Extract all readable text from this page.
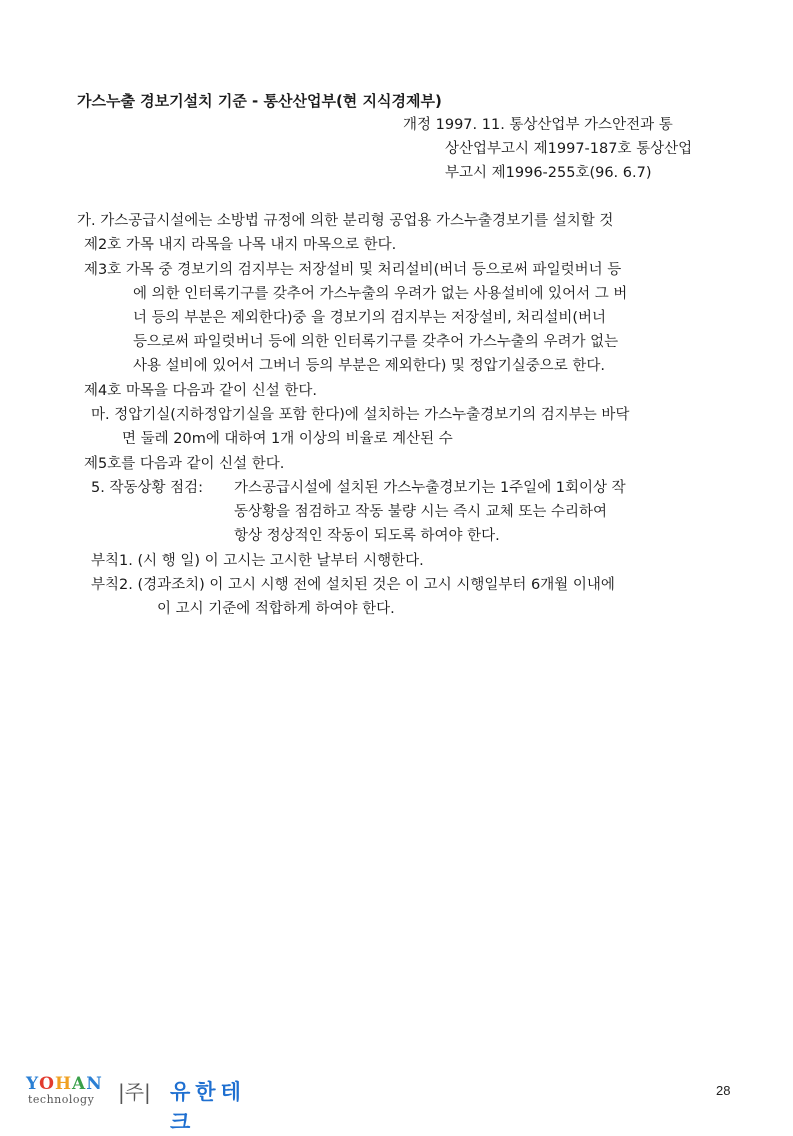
가스누출 경보기설치 기준 - 통산산업부(현 지식경제부)
개정 1997. 11. 통상산업부 가스안전과 통
상산업부고시 제1997-187호 통상산업
부고시 제1996-255호(96. 6.7)
가. 가스공급시설에는 소방법 규정에 의한 분리형 공업용 가스누출경보기를 설치할 것
제2호 가목 내지 라목을 나목 내지 마목으로 한다.
제3호 가목 중 경보기의 검지부는 저장설비 및 처리설비(버너 등으로써 파일럿버너 등
에 의한 인터록기구를 갖추어 가스누출의 우려가 없는 사용설비에 있어서 그 버
너 등의 부분은 제외한다)중 을 경보기의 검지부는 저장설비, 처리설비(버너
등으로써 파일럿버너 등에 의한 인터록기구를 갖추어 가스누출의 우려가 없는
사용 설비에 있어서 그버너 등의 부분은 제외한다) 및 정압기실중으로 한다.
제4호 마목을 다음과 같이 신설 한다.
마. 정압기실(지하정압기실을 포함 한다)에 설치하는 가스누출경보기의 검지부는 바닥
면 둘레 20m에 대하여 1개 이상의 비율로 계산된 수
제5호를 다음과 같이 신설 한다.
5. 작동상황 점검: 가스공급시설에 설치된 가스누출경보기는 1주일에 1회이상 작
동상황을 점검하고 작동 불량 시는 즉시 교체 또는 수리하여
항상 정상적인 작동이 되도록 하여야 한다.
부칙1. (시 행 일) 이 고시는 고시한 날부터 시행한다.
부칙2. (경과조치) 이 고시 시행 전에 설치된 것은 이 고시 시행일부터 6개월 이내에
이 고시 기준에 적합하게 하여야 한다.
YOHAN
technology |주| 유한테크
28
